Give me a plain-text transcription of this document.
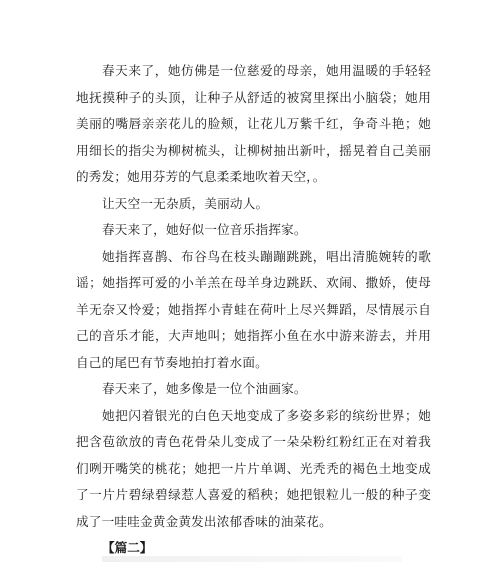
春天来了，她仿佛是一位慈爱的母亲，她用温暖的手轻轻地抚摸种子的头顶，让种子从舒适的被窝里探出小脑袋；她用美丽的嘴唇亲亲花儿的脸颊，让花儿万紫千红，争奇斗艳；她用细长的指尖为柳树梳头，让柳树抽出新叶，摇晃着自己美丽的秀发；她用芬芳的气息柔柔地吹着天空，。

让天空一无杂质，美丽动人。

春天来了，她好似一位音乐指挥家。

她指挥喜鹊、布谷鸟在枝头蹦蹦跳跳，唱出清脆婉转的歌谣；她指挥可爱的小羊羔在母羊身边跳跃、欢闹、撒娇，使母羊无奈又怜爱；她指挥小青蛙在荷叶上尽兴舞蹈，尽情展示自己的音乐才能，大声地叫；她指挥小鱼在水中游来游去，并用自己的尾巴有节奏地拍打着水面。

春天来了，她多像是一位个油画家。

她把闪着银光的白色天地变成了多姿多彩的缤纷世界；她把含苞欲放的青色花骨朵儿变成了一朵朵粉红粉红正在对着我们咧开嘴笑的桃花；她把一片片单调、光秃秃的褐色土地变成了一片片碧绿碧绿惹人喜爱的稻秧；她把银粒儿一般的种子变成了一哇哇金黄金黄发出浓郁香味的油菜花。

【篇二】
